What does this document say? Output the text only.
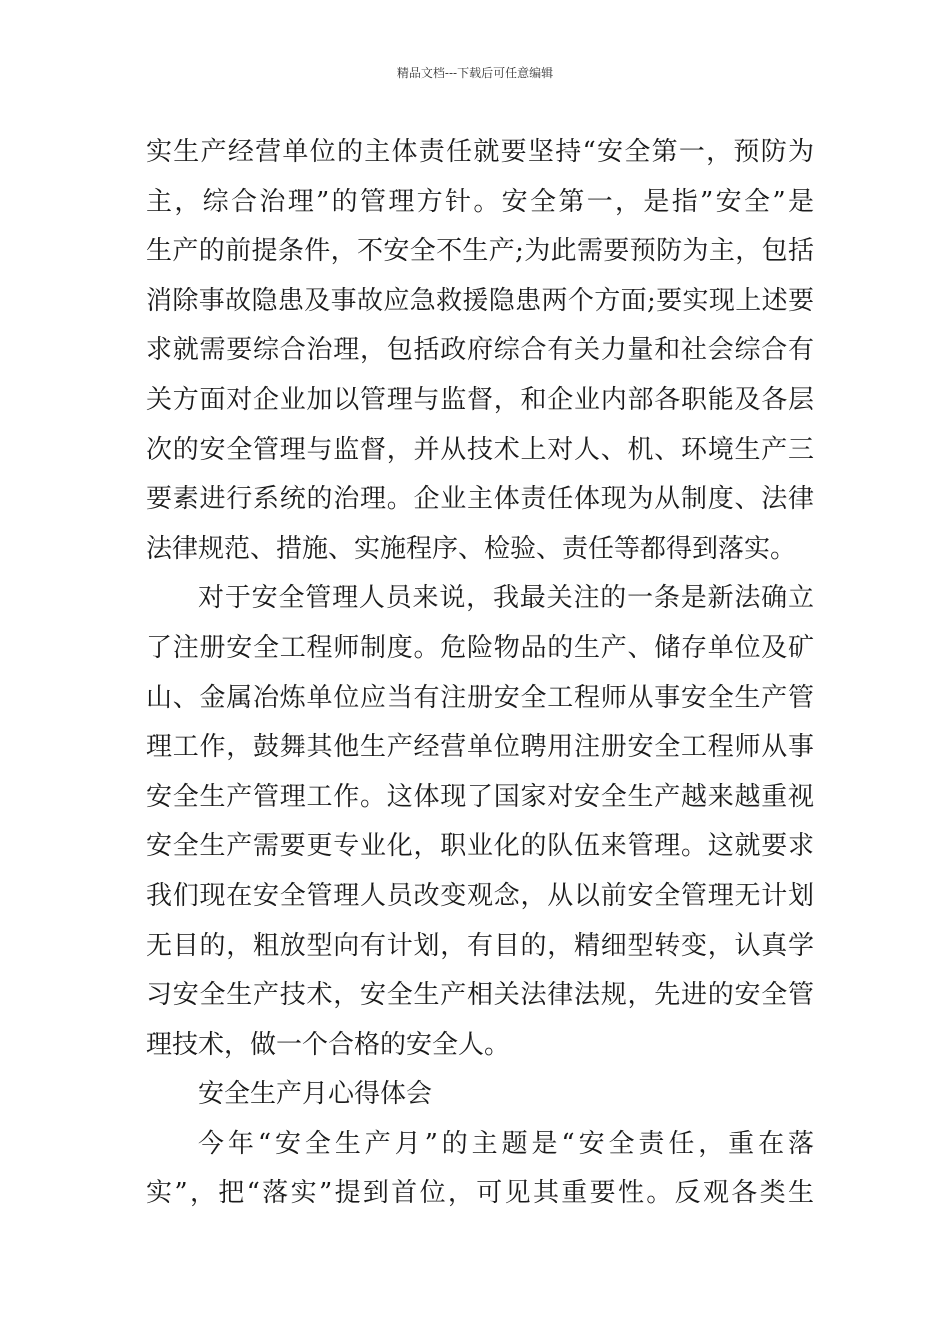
精品文档---下载后可任意编辑
实生产经营单位的主体责任就要坚持“安全第一，预防为
主，综合治理”的管理方针。安全第一，是指”安全”是
生产的前提条件，不安全不生产;为此需要预防为主，包括
消除事故隐患及事故应急救援隐患两个方面;要实现上述要
求就需要综合治理，包括政府综合有关力量和社会综合有
关方面对企业加以管理与监督，和企业内部各职能及各层
次的安全管理与监督，并从技术上对人、机、环境生产三
要素进行系统的治理。企业主体责任体现为从制度、法律
法律规范、措施、实施程序、检验、责任等都得到落实。
对于安全管理人员来说，我最关注的一条是新法确立
了注册安全工程师制度。危险物品的生产、储存单位及矿
山、金属冶炼单位应当有注册安全工程师从事安全生产管
理工作，鼓舞其他生产经营单位聘用注册安全工程师从事
安全生产管理工作。这体现了国家对安全生产越来越重视
安全生产需要更专业化，职业化的队伍来管理。这就要求
我们现在安全管理人员改变观念，从以前安全管理无计划
无目的，粗放型向有计划，有目的，精细型转变，认真学
习安全生产技术，安全生产相关法律法规，先进的安全管
理技术，做一个合格的安全人。
安全生产月心得体会
今年“安全生产月”的主题是“安全责任，重在落
实”，把“落实”提到首位，可见其重要性。反观各类生
